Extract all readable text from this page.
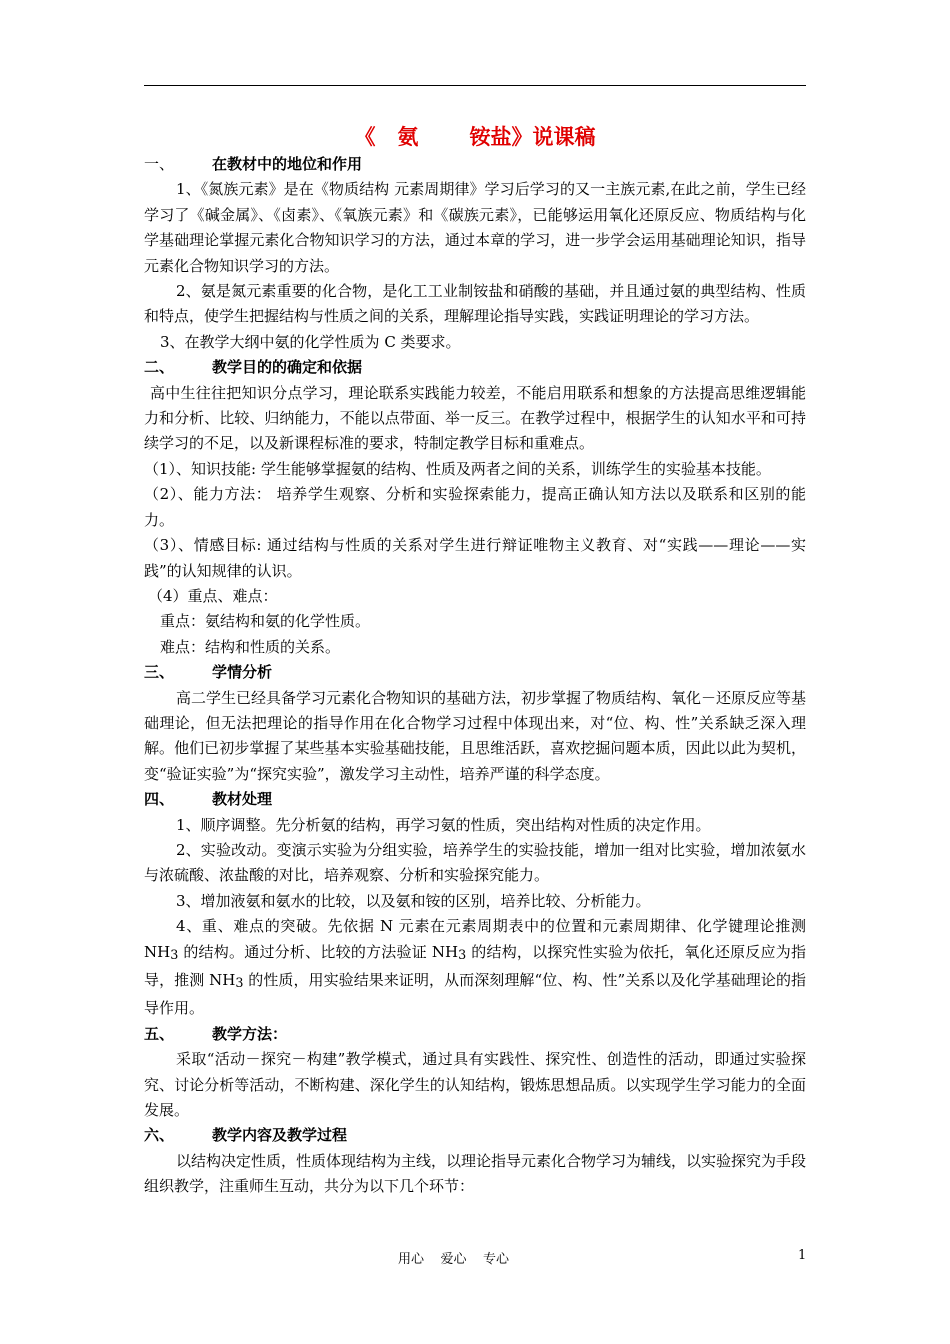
《   氨       铵盐》说课稿

一、	在教材中的地位和作用

1、《氮族元素》是在《物质结构 元素周期律》学习后学习的又一主族元素,在此之前，学生已经学习了《碱金属》、《卤素》、《氧族元素》和《碳族元素》，已能够运用氧化还原反应、物质结构与化学基础理论掌握元素化合物知识学习的方法，通过本章的学习，进一步学会运用基础理论知识，指导元素化合物知识学习的方法。

2、氨是氮元素重要的化合物，是化工工业制铵盐和硝酸的基础，并且通过氨的典型结构、性质和特点，使学生把握结构与性质之间的关系，理解理论指导实践，实践证明理论的学习方法。

3、在教学大纲中氨的化学性质为 C 类要求。

二、	教学目的的确定和依据

高中生往往把知识分点学习，理论联系实践能力较差，不能启用联系和想象的方法提高思维逻辑能力和分析、比较、归纳能力，不能以点带面、举一反三。在教学过程中，根据学生的认知水平和可持续学习的不足，以及新课程标准的要求，特制定教学目标和重难点。

（1）、知识技能: 学生能够掌握氨的结构、性质及两者之间的关系，训练学生的实验基本技能。

（2）、能力方法： 培养学生观察、分析和实验探索能力，提高正确认知方法以及联系和区别的能力。

（3）、情感目标: 通过结构与性质的关系对学生进行辩证唯物主义教育、对“实践——理论——实践”的认知规律的认识。

（4）重点、难点：

重点：氨结构和氨的化学性质。

难点：结构和性质的关系。

三、	学情分析

高二学生已经具备学习元素化合物知识的基础方法，初步掌握了物质结构、氧化－还原反应等基础理论，但无法把理论的指导作用在化合物学习过程中体现出来，对“位、构、性”关系缺乏深入理解。他们已初步掌握了某些基本实验基础技能，且思维活跃，喜欢挖掘问题本质，因此以此为契机，变“验证实验”为“探究实验”，激发学习主动性，培养严谨的科学态度。

四、	教材处理

1、顺序调整。先分析氨的结构，再学习氨的性质，突出结构对性质的决定作用。

2、实验改动。变演示实验为分组实验，培养学生的实验技能，增加一组对比实验，增加浓氨水与浓硫酸、浓盐酸的对比，培养观察、分析和实验探究能力。

3、增加液氨和氨水的比较，以及氨和铵的区别，培养比较、分析能力。

4、重、难点的突破。先依据 N 元素在元素周期表中的位置和元素周期律、化学键理论推测 $NH_3$ 的结构。通过分析、比较的方法验证 $NH_3$ 的结构，以探究性实验为依托，氧化还原反应为指导，推测 $NH_3$ 的性质，用实验结果来证明，从而深刻理解“位、构、性”关系以及化学基础理论的指导作用。

五、	教学方法：

采取“活动－探究－构建”教学模式，通过具有实践性、探究性、创造性的活动，即通过实验探究、讨论分析等活动，不断构建、深化学生的认知结构，锻炼思想品质。以实现学生学习能力的全面发展。

六、	教学内容及教学过程

以结构决定性质，性质体现结构为主线，以理论指导元素化合物学习为辅线，以实验探究为手段组织教学，注重师生互动，共分为以下几个环节：

用心    爱心    专心	1
